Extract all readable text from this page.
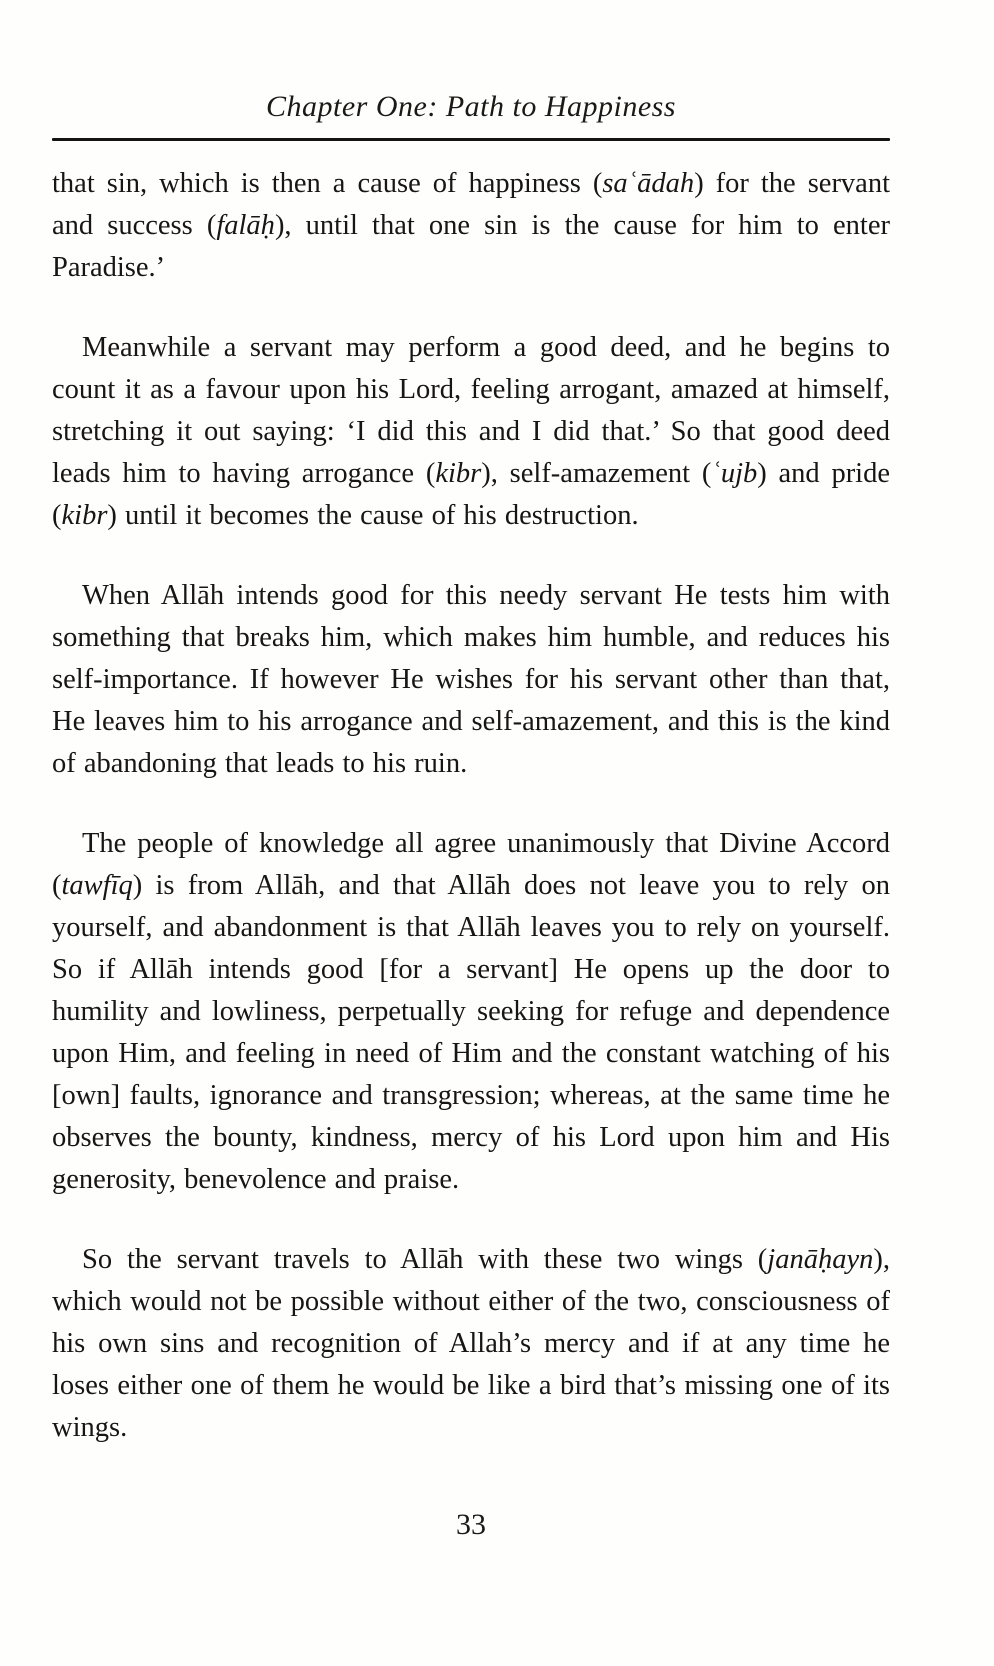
Chapter One: Path to Happiness

that sin, which is then a cause of happiness (saʿādah) for the servant and success (falāḥ), until that one sin is the cause for him to enter Paradise.’

Meanwhile a servant may perform a good deed, and he begins to count it as a favour upon his Lord, feeling arrogant, amazed at himself, stretching it out saying: ‘I did this and I did that.’ So that good deed leads him to having arrogance (kibr), self-amazement (ʿujb) and pride (kibr) until it becomes the cause of his destruction.

When Allāh intends good for this needy servant He tests him with something that breaks him, which makes him humble, and reduces his self-importance. If however He wishes for his servant other than that, He leaves him to his arrogance and self-amazement, and this is the kind of abandoning that leads to his ruin.

The people of knowledge all agree unanimously that Divine Accord (tawfīq) is from Allāh, and that Allāh does not leave you to rely on yourself, and abandonment is that Allāh leaves you to rely on yourself. So if Allāh intends good [for a servant] He opens up the door to humility and lowliness, perpetually seeking for refuge and dependence upon Him, and feeling in need of Him and the constant watching of his [own] faults, ignorance and transgression; whereas, at the same time he observes the bounty, kindness, mercy of his Lord upon him and His generosity, benevolence and praise.

So the servant travels to Allāh with these two wings (janāḥayn), which would not be possible without either of the two, consciousness of his own sins and recognition of Allah’s mercy and if at any time he loses either one of them he would be like a bird that’s missing one of its wings.

33
